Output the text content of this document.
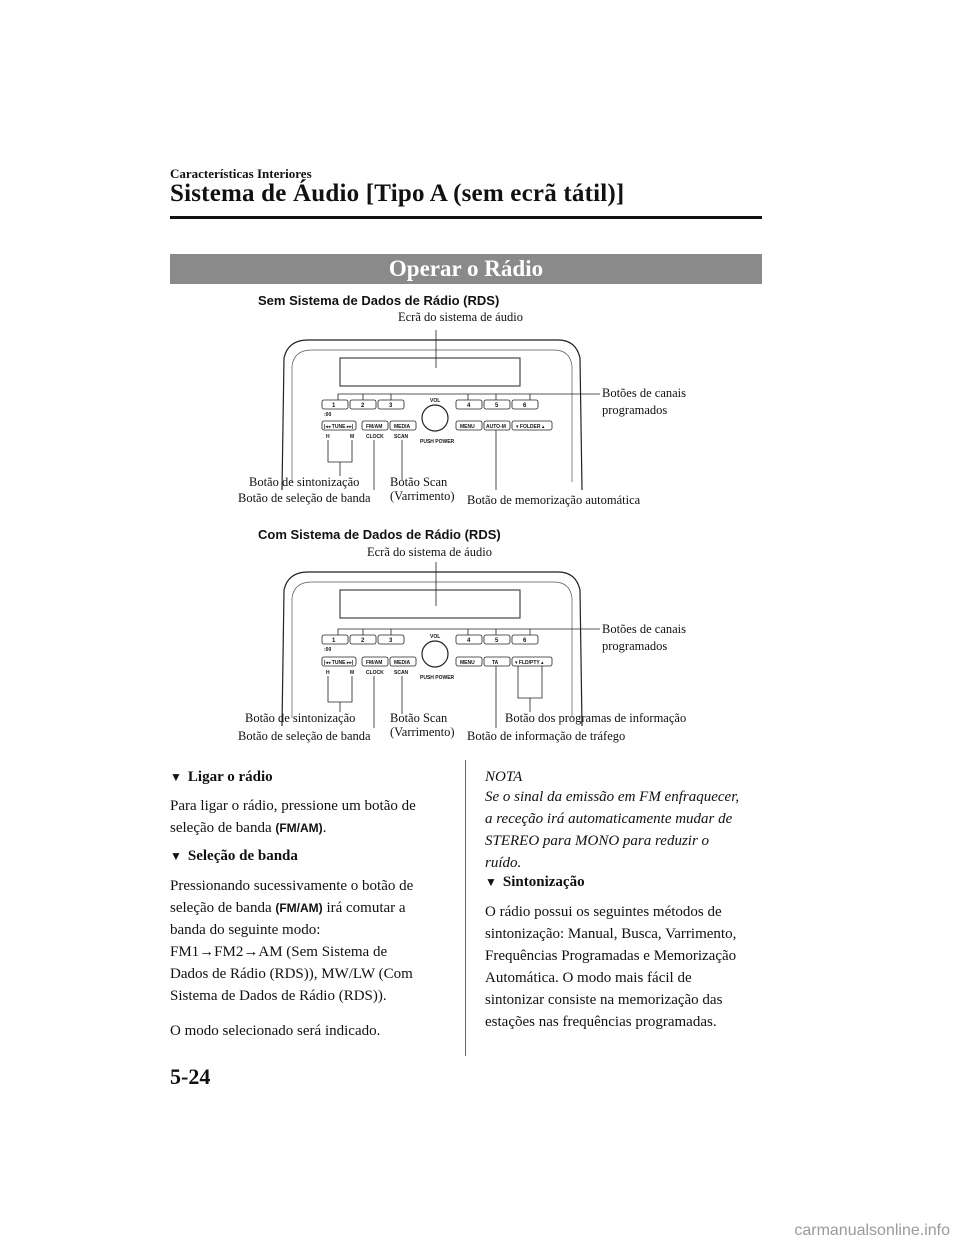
Características Interiores
Sistema de Áudio [Tipo A (sem ecrã tátil)]
Operar o Rádio
Sem Sistema de Dados de Rádio (RDS)
Ecrã do sistema de áudio
Botões de canais
programados
Botão de sintonização
Botão de seleção de banda
Botão Scan
(Varrimento) Botão de memorização automática
1	2	3
:00
4	5	6
VOL
PUSH POWER
|◂◂ TUNE ▸▸|	FM/AM MEDIA	MENU AUTO-M ▾ FOLDER ▴
H	M CLOCK SCAN
Com Sistema de Dados de Rádio (RDS)
Ecrã do sistema de áudio
Botões de canais
programados
Botão de sintonização
Botão de seleção de banda
Botão Scan
(Varrimento)
Botão dos programas de informação
Botão de informação de tráfego
1	2	3
:00
4	5	6
VOL
PUSH POWER
|◂◂ TUNE ▸▸|	FM/AM MEDIA	MENU	TA	▾ FLD/PTY ▴
H	M CLOCK SCAN
▼ Ligar o rádio
Para ligar o rádio, pressione um botão de
seleção de banda (FM/AM).
▼ Seleção de banda
Pressionando sucessivamente o botão de
seleção de banda (FM/AM) irá comutar a
banda do seguinte modo:
FM1→FM2→AM (Sem Sistema de
Dados de Rádio (RDS)), MW/LW (Com
Sistema de Dados de Rádio (RDS)).
O modo selecionado será indicado.
NOTA
Se o sinal da emissão em FM enfraquecer,
a receção irá automaticamente mudar de
STEREO para MONO para reduzir o
ruído.
▼ Sintonização
O rádio possui os seguintes métodos de
sintonização: Manual, Busca, Varrimento,
Frequências Programadas e Memorização
Automática. O modo mais fácil de
sintonizar consiste na memorização das
estações nas frequências programadas.
5-24
carmanualsonline.info
